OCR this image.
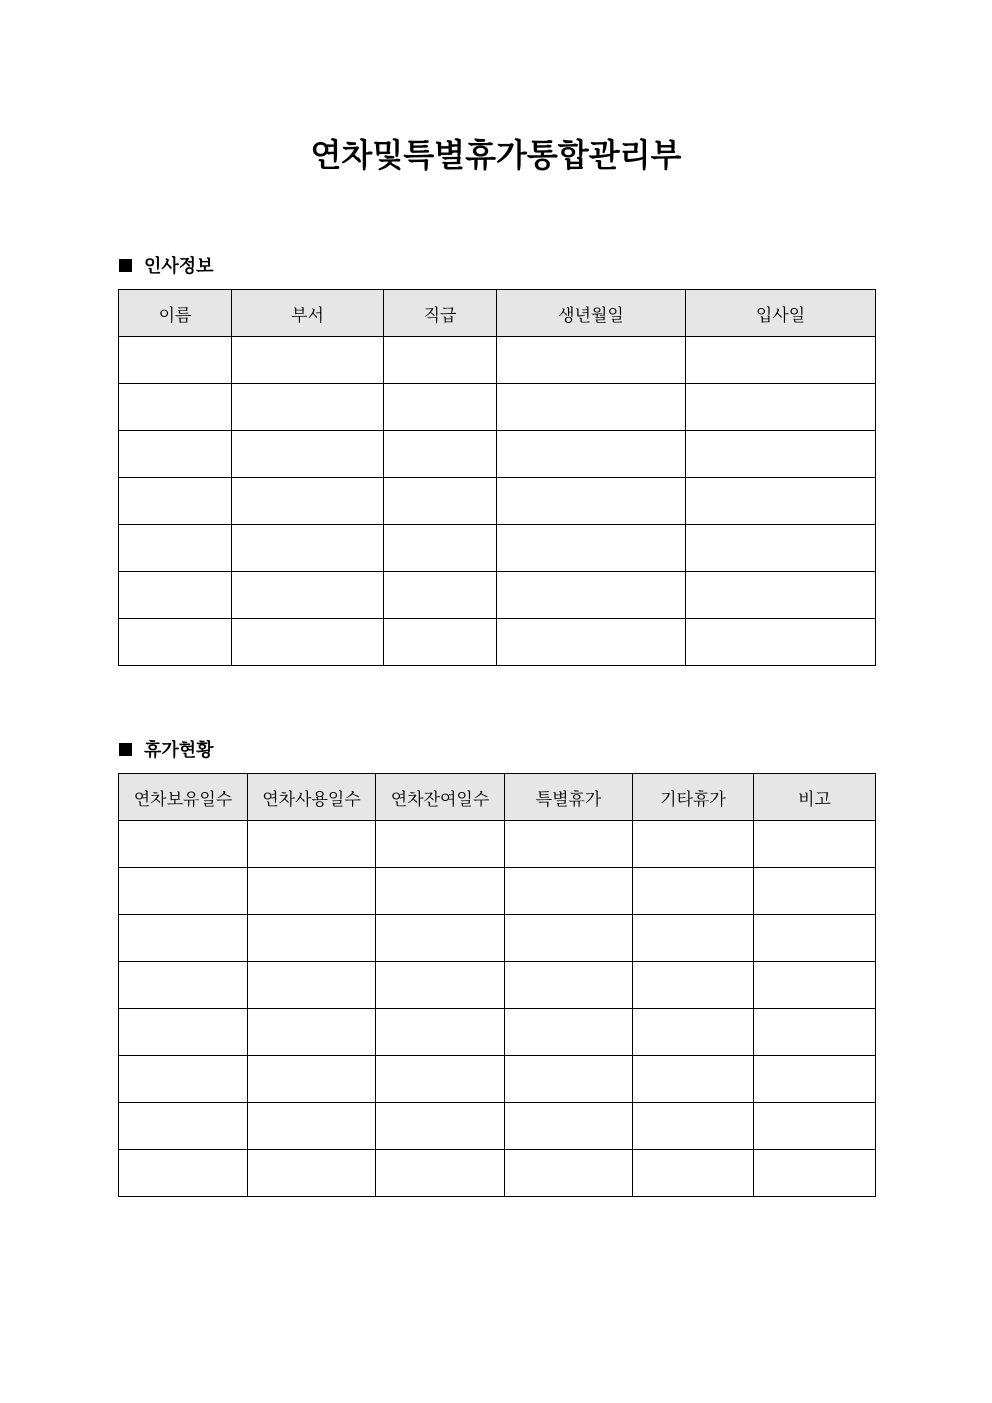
연차및특별휴가통합관리부
인사정보
이름	부서	직급	생년월일	입사일

휴가현황
연차보유일수	연차사용일수	연차잔여일수	특별휴가	기타휴가	비고
